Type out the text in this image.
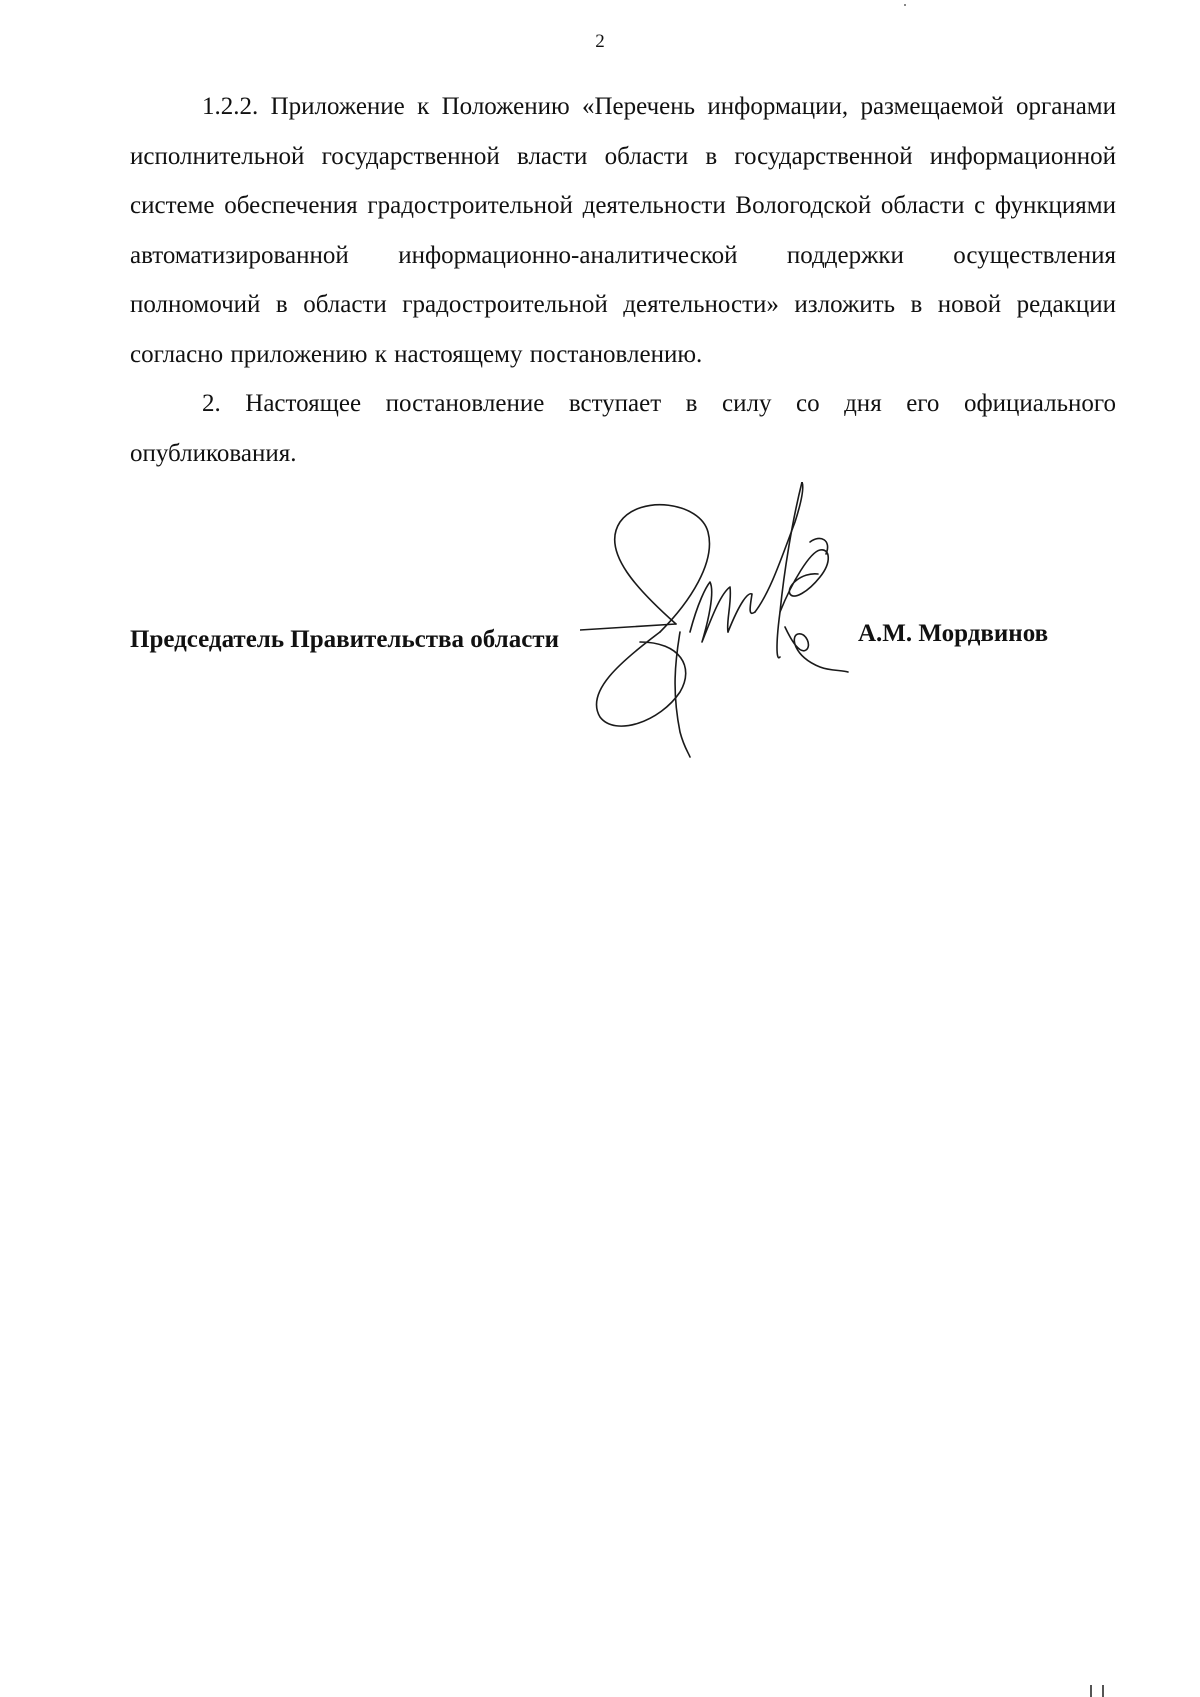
2

1.2.2. Приложение к Положению «Перечень информации, размещаемой органами исполнительной государственной власти области в государственной информационной системе обеспечения градостроительной деятельности Вологодской области с функциями автоматизированной информационно-аналитической поддержки осуществления полномочий в области градостроительной деятельности» изложить в новой редакции согласно приложению к настоящему постановлению.

2. Настоящее постановление вступает в силу со дня его официального опубликования.

Председатель Правительства области	А.М. Мордвинов
